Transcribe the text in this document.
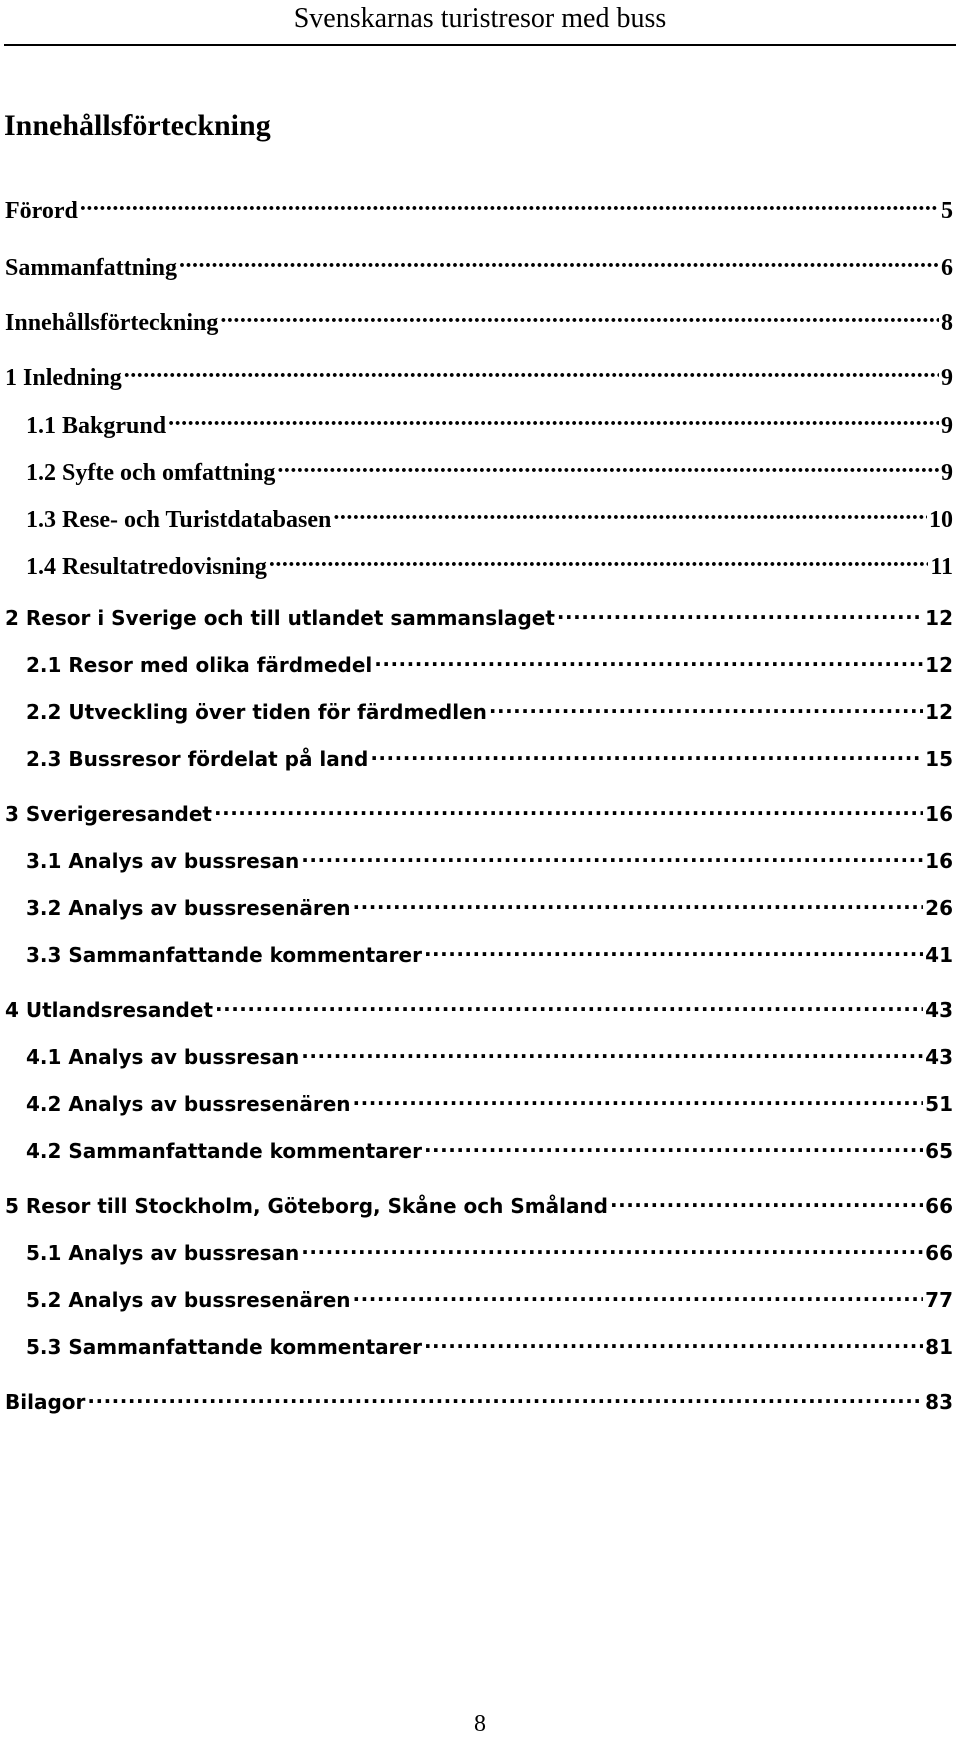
Svenskarnas turistresor med buss
Innehållsförteckning
Förord .....	5
Sammanfattning .....	6
Innehållsförteckning .....	8
1 Inledning .....	9
1.1 Bakgrund .....	9
1.2 Syfte och omfattning .....	9
1.3 Rese- och Turistdatabasen .....	10
1.4 Resultatredovisning .....	11
2 Resor i Sverige och till utlandet sammanslaget .....	12
2.1 Resor med olika färdmedel .....	12
2.2 Utveckling över tiden för färdmedlen .....	12
2.3 Bussresor fördelat på land .....	15
3 Sverigeresandet .....	16
3.1 Analys av bussresan .....	16
3.2 Analys av bussresenären .....	26
3.3 Sammanfattande kommentarer .....	41
4 Utlandsresandet .....	43
4.1 Analys av bussresan .....	43
4.2 Analys av bussresenären .....	51
4.2 Sammanfattande kommentarer .....	65
5 Resor till Stockholm, Göteborg, Skåne och Småland .....	66
5.1 Analys av bussresan .....	66
5.2 Analys av bussresenären .....	77
5.3 Sammanfattande kommentarer .....	81
Bilagor .....	83
8
